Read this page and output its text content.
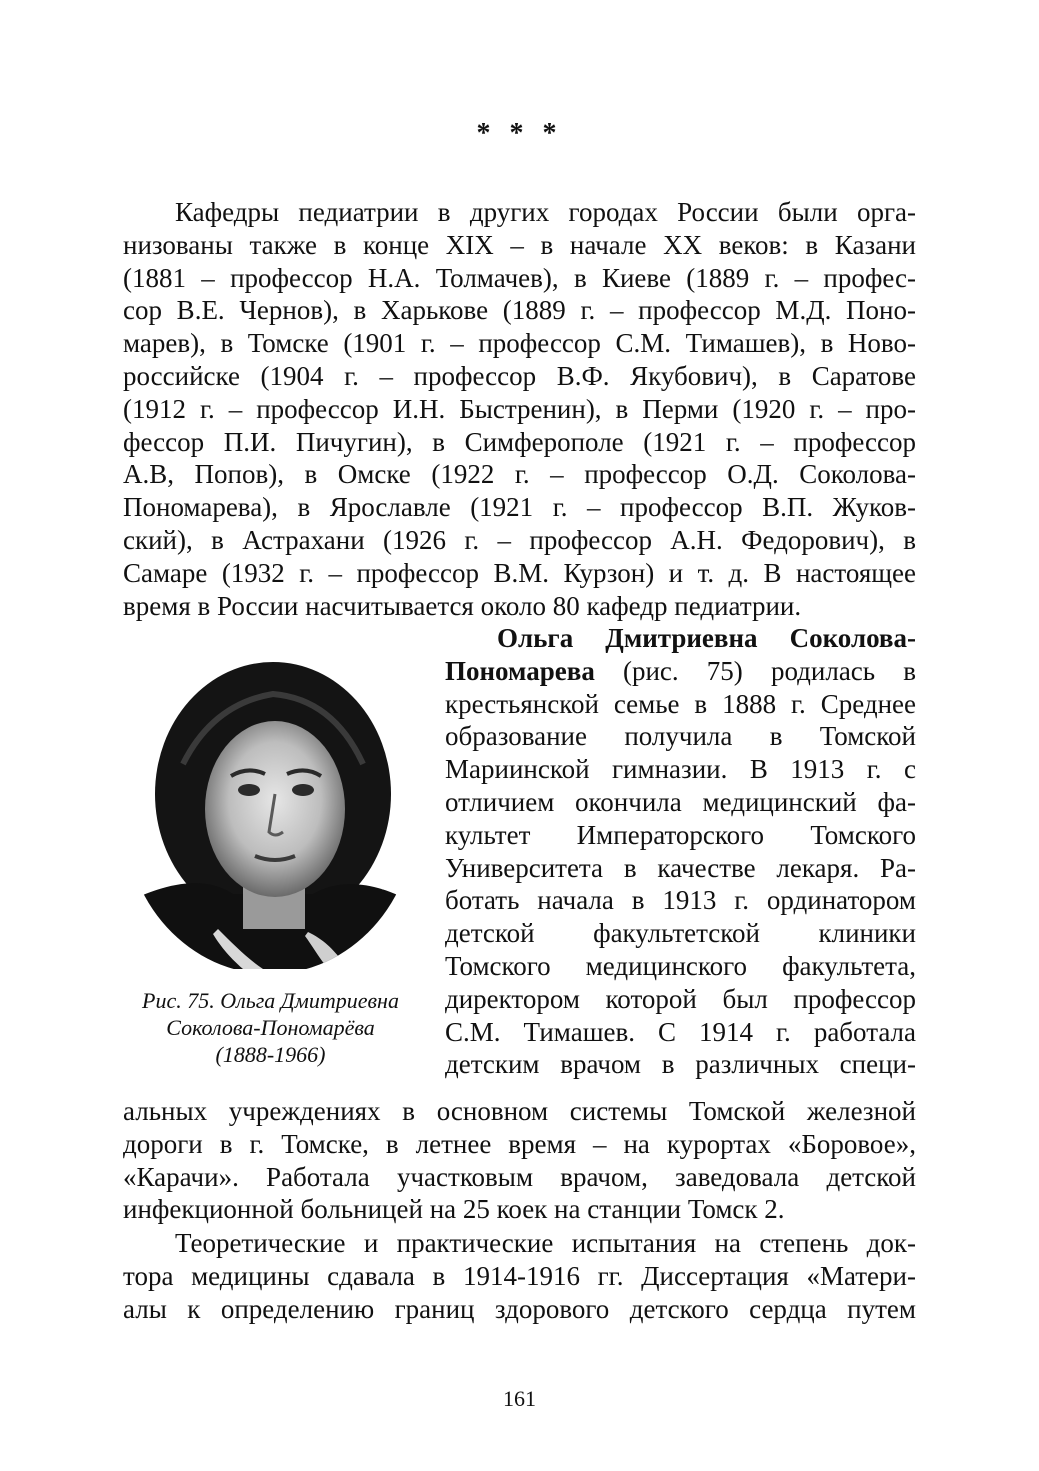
* * *
Кафедры педиатрии в других городах России были орга-
низованы также в конце XIX – в начале XX веков: в Казани
(1881 – профессор Н.А. Толмачев), в Киеве (1889 г. – профес-
сор В.Е. Чернов), в Харькове (1889 г. – профессор М.Д. Поно-
марев), в Томске (1901 г. – профессор С.М. Тимашев), в Ново-
российске (1904 г. – профессор В.Ф. Якубович), в Саратове
(1912 г. – профессор И.Н. Быстренин), в Перми (1920 г. – про-
фессор П.И. Пичугин), в Симферополе (1921 г. – профессор
А.В, Попов), в Омске (1922 г. – профессор О.Д. Соколова-
Пономарева), в Ярославле (1921 г. – профессор В.П. Жуков-
ский), в Астрахани (1926 г. – профессор А.Н. Федорович), в
Самаре (1932 г. – профессор В.М. Курзон) и т. д. В настоящее
время в России насчитывается около 80 кафедр педиатрии.
Рис. 75. Ольга Дмитриевна
Соколова-Пономарёва
(1888-1966)
Ольга Дмитриевна Соколова-
Пономарева (рис. 75) родилась в
крестьянской семье в 1888 г. Среднее
образование получила в Томской
Мариинской гимназии. В 1913 г. с
отличием окончила медицинский фа-
культет Императорского Томского
Университета в качестве лекаря. Ра-
ботать начала в 1913 г. ординатором
детской факультетской клиники
Томского медицинского факультета,
директором которой был профессор
С.М. Тимашев. С 1914 г. работала
детским врачом в различных специ-
альных учреждениях в основном системы Томской железной
дороги в г. Томске, в летнее время – на курортах «Боровое»,
«Карачи». Работала участковым врачом, заведовала детской
инфекционной больницей на 25 коек на станции Томск 2.
Теоретические и практические испытания на степень док-
тора медицины сдавала в 1914-1916 гг. Диссертация «Матери-
алы к определению границ здорового детского сердца путем
161
